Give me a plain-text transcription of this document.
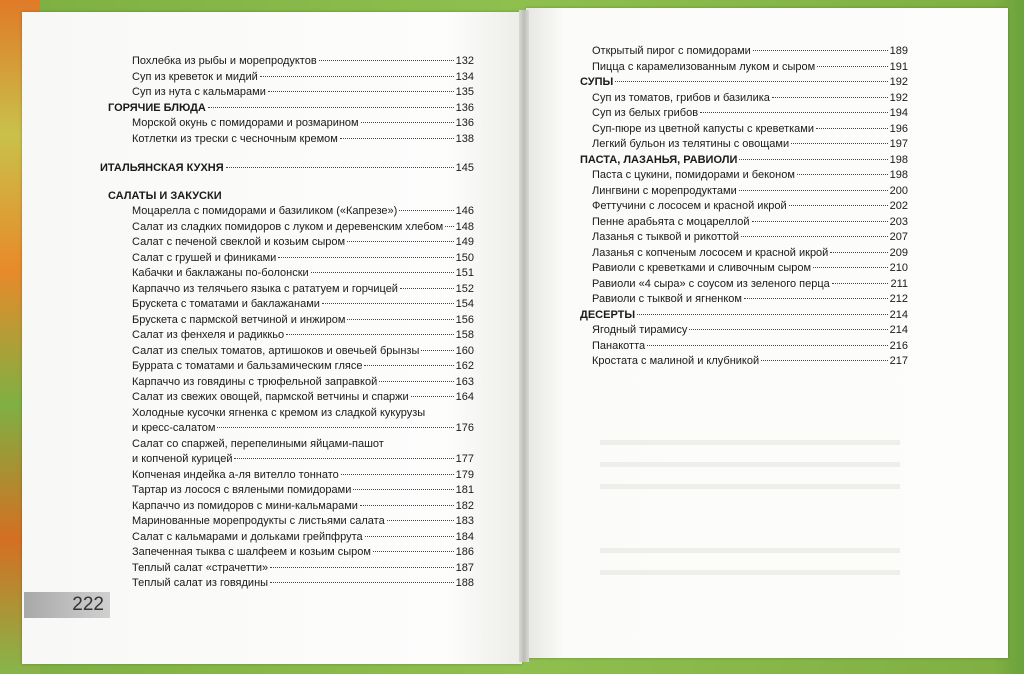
222
Похлебка из рыбы и морепродуктов	132
Суп из креветок и мидий	134
Суп из нута с кальмарами	135
ГОРЯЧИЕ БЛЮДА	136
Морской окунь с помидорами и розмарином	136
Котлетки из трески с чесночным кремом	138
ИТАЛЬЯНСКАЯ КУХНЯ	145
САЛАТЫ И ЗАКУСКИ
Моцарелла с помидорами и базиликом («Капрезе»)	146
Салат из сладких помидоров с луком и деревенским хлебом 148
Салат с печеной свеклой и козьим сыром	149
Салат с грушей и финиками	150
Кабачки и баклажаны по-болонски	151
Карпаччо из телячьего языка с рататуем и горчицей	152
Брускета с томатами и баклажанами	154
Брускета с пармской ветчиной и инжиром	156
Салат из фенхеля и радиккьо	158
Салат из спелых томатов, артишоков и овечьей брынзы	160
Буррата с томатами и бальзамическим глясе	162
Карпаччо из говядины с трюфельной заправкой	163
Салат из свежих овощей, пармской ветчины и спаржи	164
Холодные кусочки ягненка с кремом из сладкой кукурузы
и кресс-салатом	176
Салат со спаржей, перепелиными яйцами-пашот
и копченой курицей	177
Копченая индейка а-ля вителло тоннато	179
Тартар из лосося с вялеными помидорами	181
Карпаччо из помидоров с мини-кальмарами	182
Маринованные морепродукты с листьями салата	183
Салат с кальмарами и дольками грейпфрута	184
Запеченная тыква с шалфеем и козьим сыром	186
Теплый салат «страчетти»	187
Теплый салат из говядины	188
Открытый пирог с помидорами	189
Пицца с карамелизованным луком и сыром	191
СУПЫ	192
Суп из томатов, грибов и базилика	192
Суп из белых грибов	194
Суп-пюре из цветной капусты с креветками	196
Легкий бульон из телятины с овощами	197
ПАСТА, ЛАЗАНЬЯ, РАВИОЛИ	198
Паста с цукини, помидорами и беконом	198
Лингвини с морепродуктами	200
Феттучини с лососем и красной икрой	202
Пенне арабьята с моцареллой	203
Лазанья с тыквой и рикоттой	207
Лазанья с копченым лососем и красной икрой	209
Равиоли с креветками и сливочным сыром	210
Равиоли «4 сыра» с соусом из зеленого перца	211
Равиоли с тыквой и ягненком	212
ДЕСЕРТЫ	214
Ягодный тирамису	214
Панакотта	216
Кростата с малиной и клубникой	217
